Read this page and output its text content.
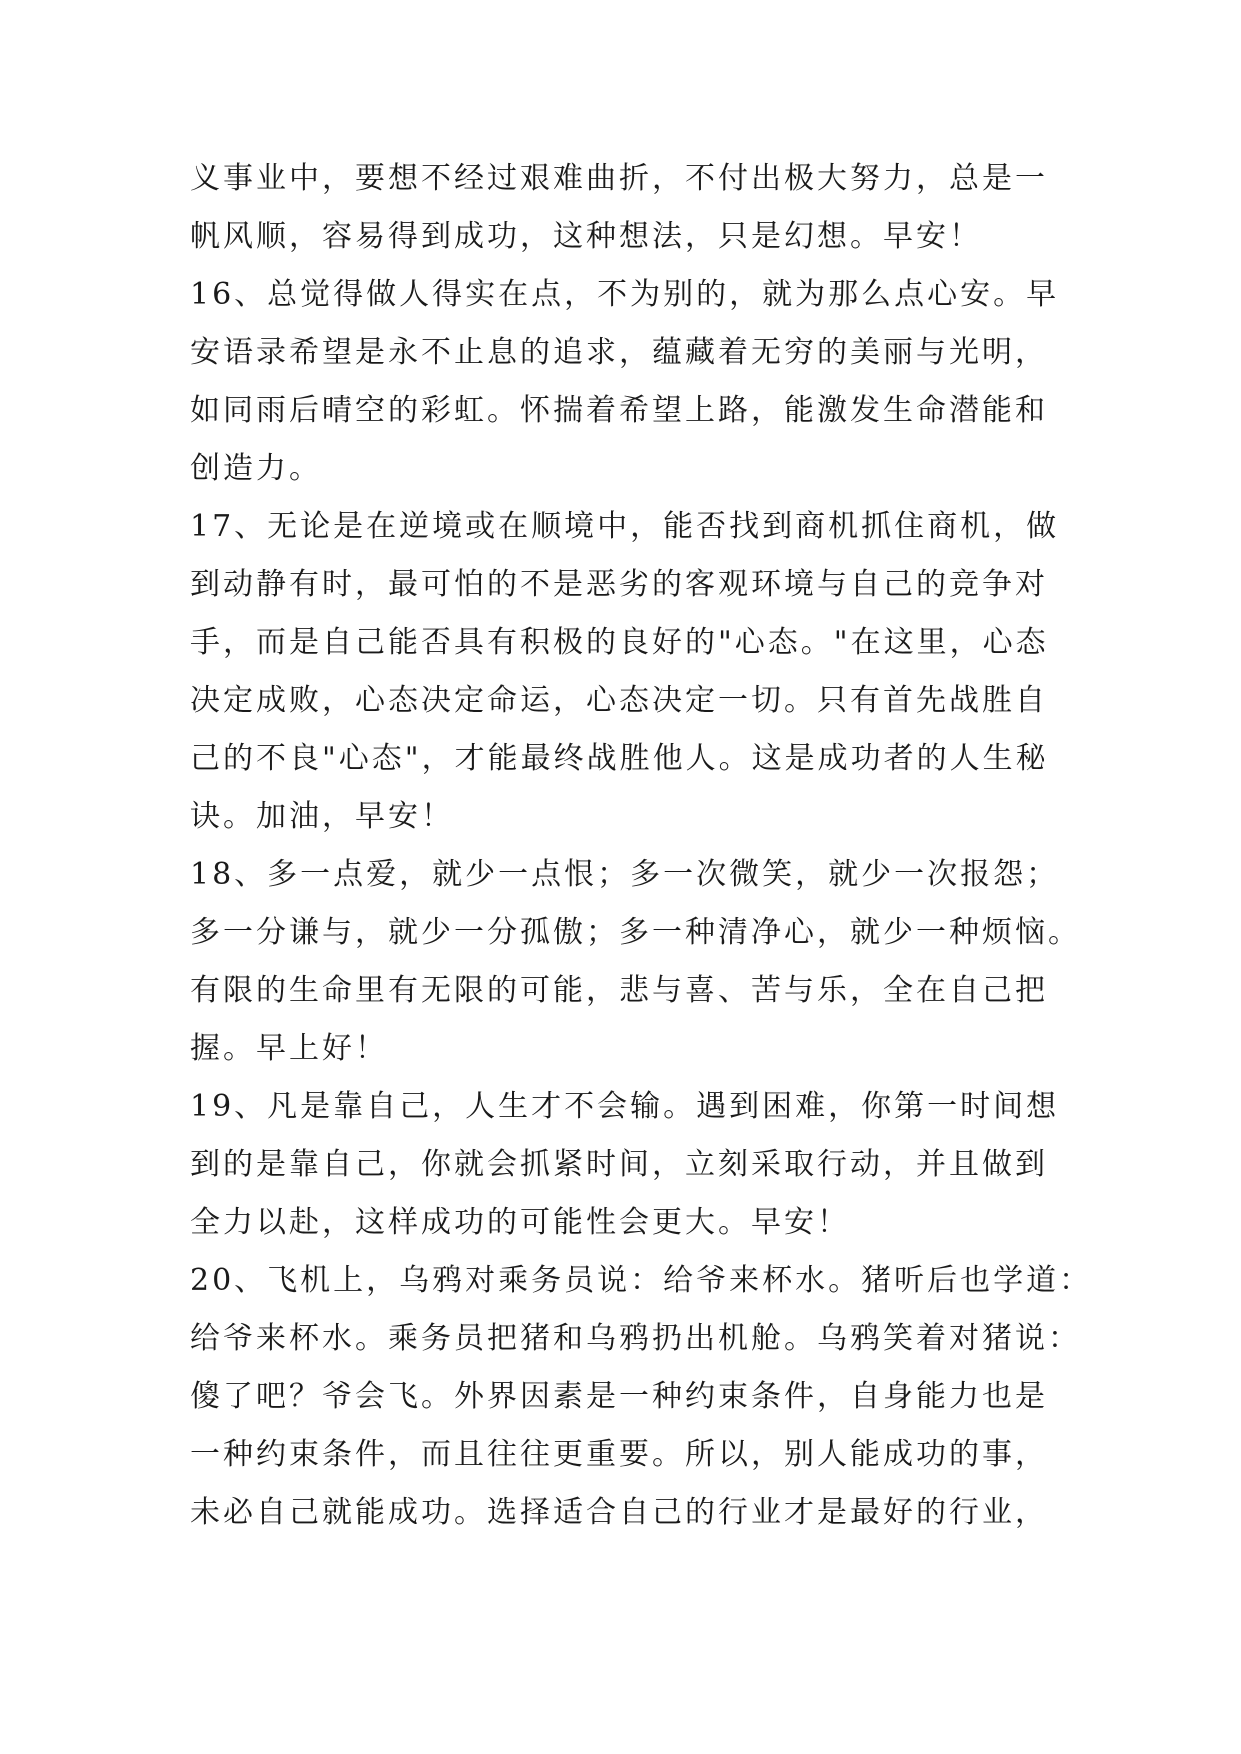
义事业中，要想不经过艰难曲折，不付出极大努力，总是一
帆风顺，容易得到成功，这种想法，只是幻想。早安！
16、总觉得做人得实在点，不为别的，就为那么点心安。早
安语录希望是永不止息的追求，蕴藏着无穷的美丽与光明，
如同雨后晴空的彩虹。怀揣着希望上路，能激发生命潜能和
创造力。
17、无论是在逆境或在顺境中，能否找到商机抓住商机，做
到动静有时，最可怕的不是恶劣的客观环境与自己的竞争对
手，而是自己能否具有积极的良好的"心态。"在这里，心态
决定成败，心态决定命运，心态决定一切。只有首先战胜自
己的不良"心态"，才能最终战胜他人。这是成功者的人生秘
诀。加油，早安！
18、多一点爱，就少一点恨；多一次微笑，就少一次报怨；
多一分谦与，就少一分孤傲；多一种清净心，就少一种烦恼。
有限的生命里有无限的可能，悲与喜、苦与乐，全在自己把
握。早上好！
19、凡是靠自己，人生才不会输。遇到困难，你第一时间想
到的是靠自己，你就会抓紧时间，立刻采取行动，并且做到
全力以赴，这样成功的可能性会更大。早安！
20、飞机上，乌鸦对乘务员说：给爷来杯水。猪听后也学道：
给爷来杯水。乘务员把猪和乌鸦扔出机舱。乌鸦笑着对猪说：
傻了吧？爷会飞。外界因素是一种约束条件，自身能力也是
一种约束条件，而且往往更重要。所以，别人能成功的事，
未必自己就能成功。选择适合自己的行业才是最好的行业，
